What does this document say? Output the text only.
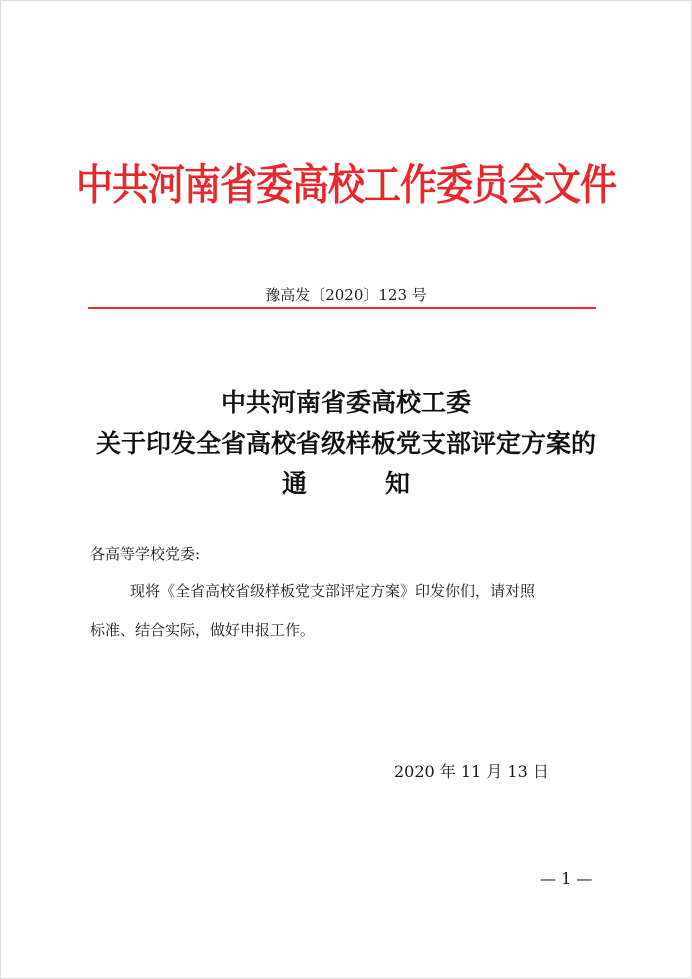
中共河南省委高校工作委员会文件
豫高发〔2020〕123 号
中共河南省委高校工委
关于印发全省高校省级样板党支部评定方案的
通	知
各高等学校党委:
现将《全省高校省级样板党支部评定方案》印发你们，请对照
标准、结合实际，做好申报工作。
2020 年 11 月 13 日
— 1 —
